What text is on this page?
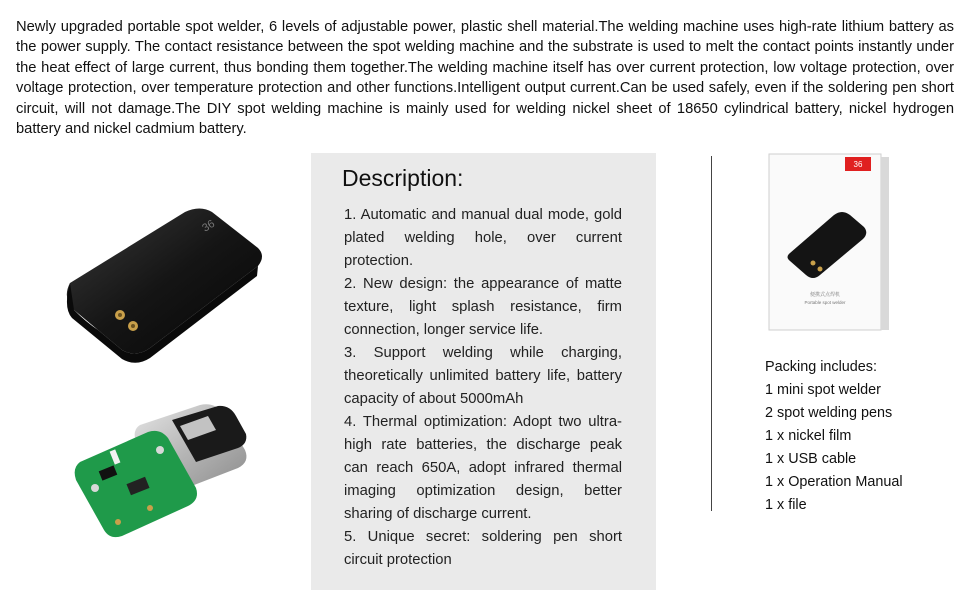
Newly upgraded portable spot welder, 6 levels of adjustable power, plastic shell material.The welding machine uses high-rate lithium battery as the power supply. The contact resistance between the spot welding machine and the substrate is used to melt the contact points instantly under the heat effect of large current, thus bonding them together.The welding machine itself has over current protection, low voltage protection, over voltage protection, over temperature protection and other functions.Intelligent output current.Can be used safely, even if the soldering pen short circuit, will not damage.The DIY spot welding machine is mainly used for welding nickel sheet of 18650 cylindrical battery, nickel hydrogen battery and nickel cadmium battery.
36
Description:

1. Automatic and manual dual mode, gold plated welding hole, over current protection.

2. New design: the appearance of matte texture, light splash resistance, firm connection, longer service life.

3. Support welding while charging, theoretically unlimited battery life, battery capacity of about 5000mAh

4. Thermal optimization: Adopt two ultra-high rate batteries, the discharge peak can reach 650A, adopt infrared thermal imaging optimization design, better sharing of discharge current.

5. Unique secret: soldering pen short circuit protection

36
便携式点焊机
Portable spot welder
Packing includes:
1 mini spot welder
2 spot welding pens
1 x nickel film
1 x USB cable
1 x Operation Manual
1 x file
